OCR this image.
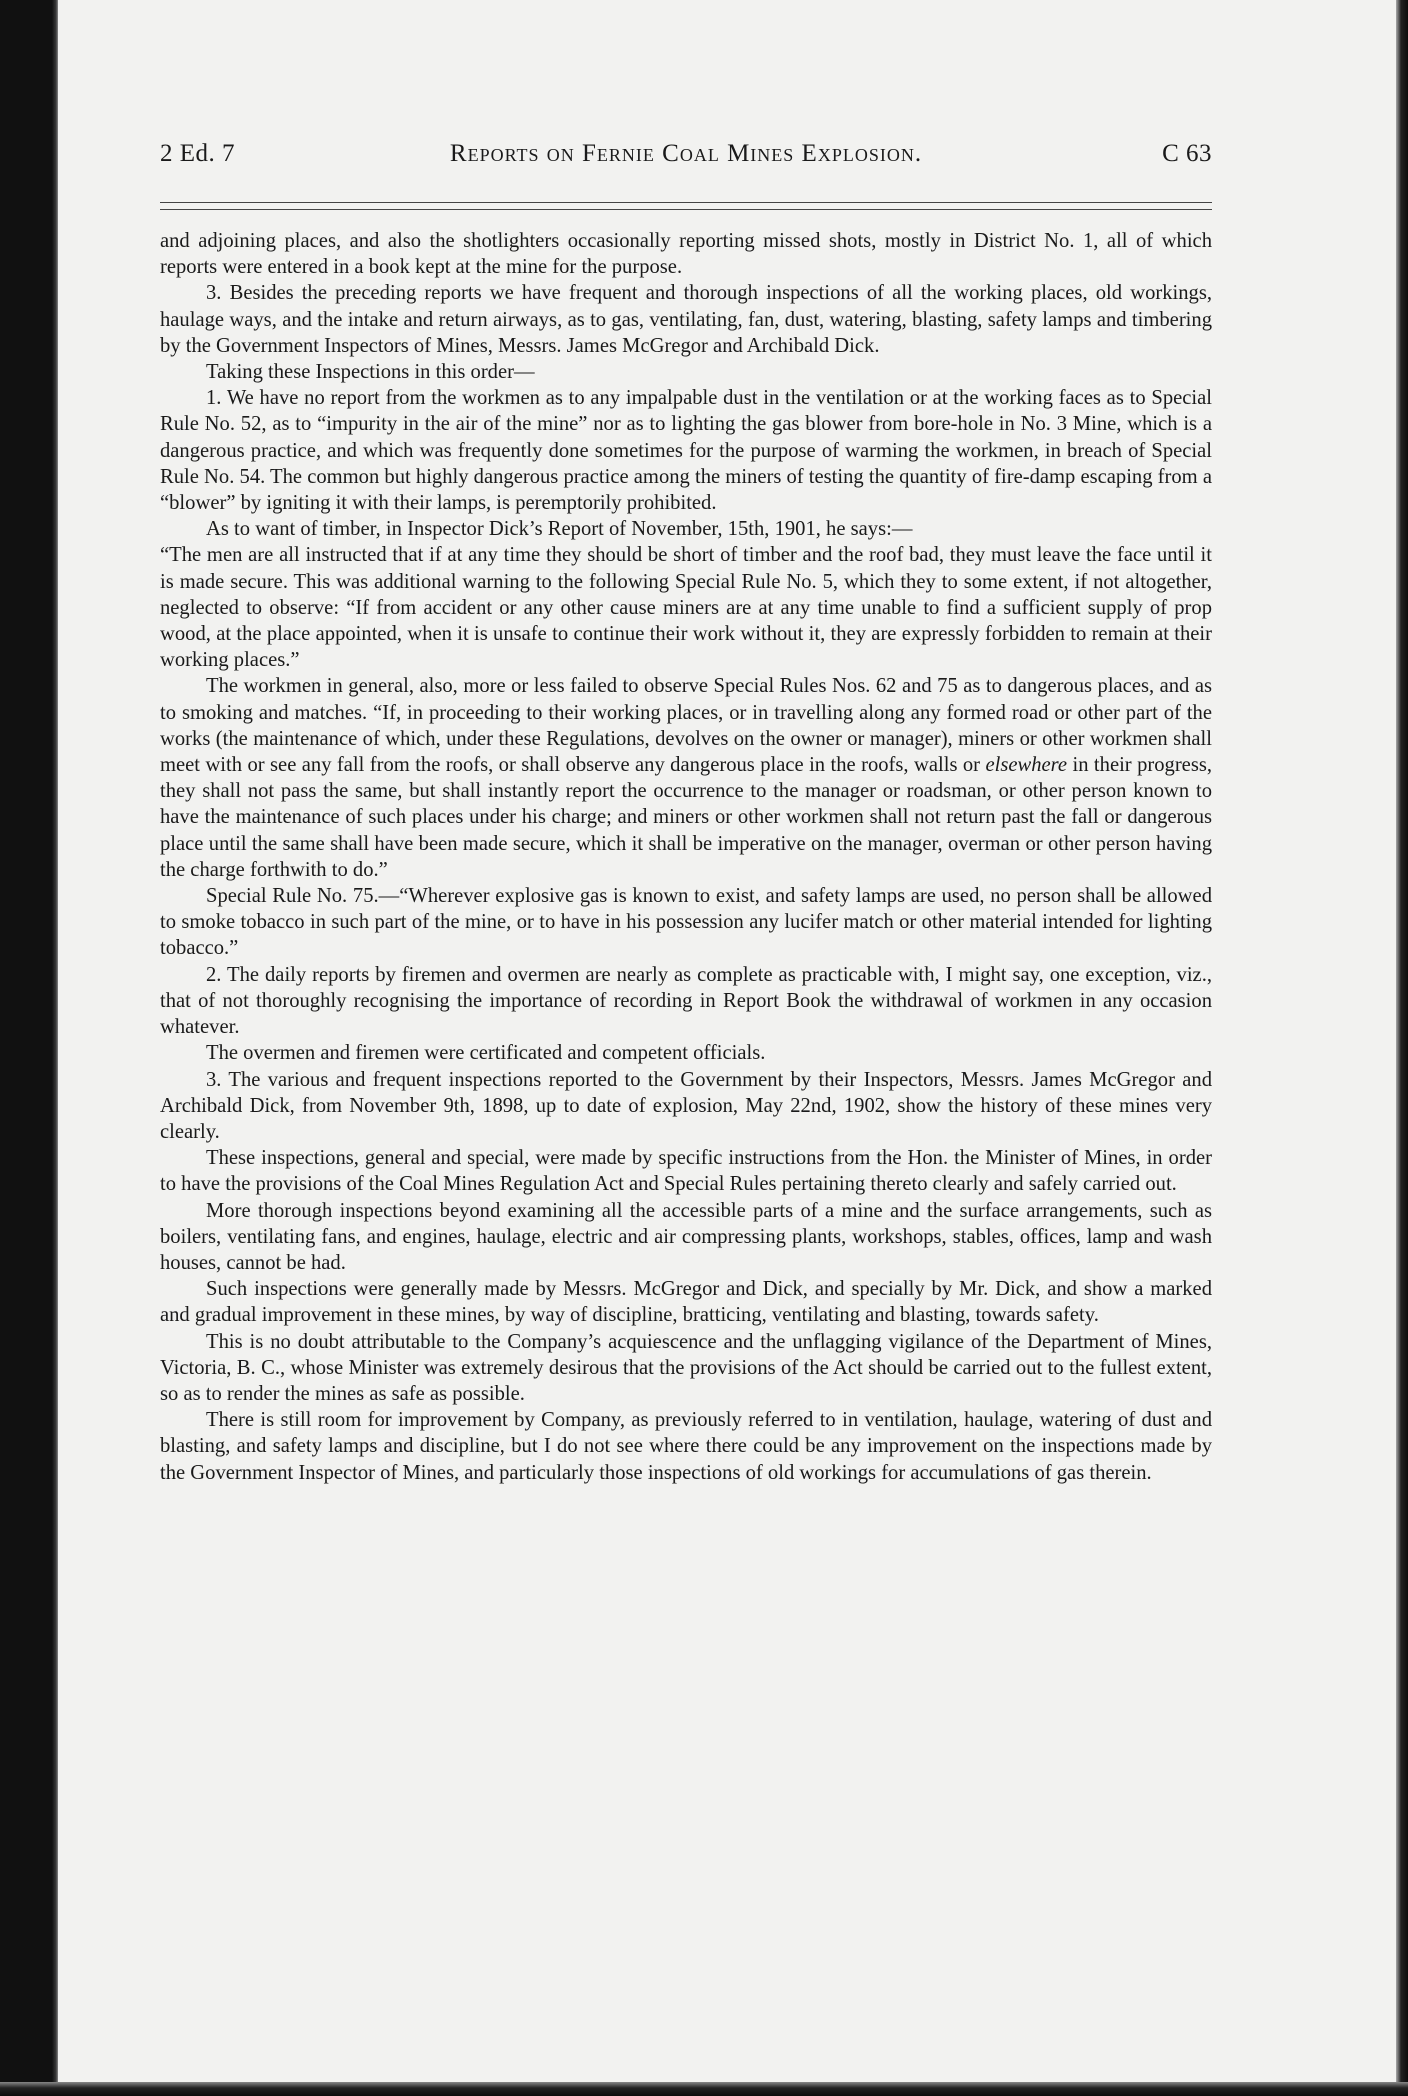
2 Ed. 7	Reports on Fernie Coal Mines Explosion.	C 63

and adjoining places, and also the shotlighters occasionally reporting missed shots, mostly in District No. 1, all of which reports were entered in a book kept at the mine for the purpose.

3. Besides the preceding reports we have frequent and thorough inspections of all the working places, old workings, haulage ways, and the intake and return airways, as to gas, ventilating, fan, dust, watering, blasting, safety lamps and timbering by the Government Inspectors of Mines, Messrs. James McGregor and Archibald Dick.

Taking these Inspections in this order—

1. We have no report from the workmen as to any impalpable dust in the ventilation or at the working faces as to Special Rule No. 52, as to “impurity in the air of the mine” nor as to lighting the gas blower from bore-hole in No. 3 Mine, which is a dangerous practice, and which was frequently done sometimes for the purpose of warming the workmen, in breach of Special Rule No. 54. The common but highly dangerous practice among the miners of testing the quantity of fire-damp escaping from a “blower” by igniting it with their lamps, is peremptorily prohibited.

As to want of timber, in Inspector Dick’s Report of November, 15th, 1901, he says:—

“The men are all instructed that if at any time they should be short of timber and the roof bad, they must leave the face until it is made secure. This was additional warning to the following Special Rule No. 5, which they to some extent, if not altogether, neglected to observe: “If from accident or any other cause miners are at any time unable to find a sufficient supply of prop wood, at the place appointed, when it is unsafe to continue their work without it, they are expressly forbidden to remain at their working places.”

The workmen in general, also, more or less failed to observe Special Rules Nos. 62 and 75 as to dangerous places, and as to smoking and matches. “If, in proceeding to their working places, or in travelling along any formed road or other part of the works (the maintenance of which, under these Regulations, devolves on the owner or manager), miners or other workmen shall meet with or see any fall from the roofs, or shall observe any dangerous place in the roofs, walls or elsewhere in their progress, they shall not pass the same, but shall instantly report the occurrence to the manager or roadsman, or other person known to have the maintenance of such places under his charge; and miners or other workmen shall not return past the fall or dangerous place until the same shall have been made secure, which it shall be imperative on the manager, overman or other person having the charge forthwith to do.”

Special Rule No. 75.—“Wherever explosive gas is known to exist, and safety lamps are used, no person shall be allowed to smoke tobacco in such part of the mine, or to have in his possession any lucifer match or other material intended for lighting tobacco.”

2. The daily reports by firemen and overmen are nearly as complete as practicable with, I might say, one exception, viz., that of not thoroughly recognising the importance of recording in Report Book the withdrawal of workmen in any occasion whatever.

The overmen and firemen were certificated and competent officials.

3. The various and frequent inspections reported to the Government by their Inspectors, Messrs. James McGregor and Archibald Dick, from November 9th, 1898, up to date of explosion, May 22nd, 1902, show the history of these mines very clearly.

These inspections, general and special, were made by specific instructions from the Hon. the Minister of Mines, in order to have the provisions of the Coal Mines Regulation Act and Special Rules pertaining thereto clearly and safely carried out.

More thorough inspections beyond examining all the accessible parts of a mine and the surface arrangements, such as boilers, ventilating fans, and engines, haulage, electric and air compressing plants, workshops, stables, offices, lamp and wash houses, cannot be had.

Such inspections were generally made by Messrs. McGregor and Dick, and specially by Mr. Dick, and show a marked and gradual improvement in these mines, by way of discipline, bratticing, ventilating and blasting, towards safety.

This is no doubt attributable to the Company’s acquiescence and the unflagging vigilance of the Department of Mines, Victoria, B. C., whose Minister was extremely desirous that the provisions of the Act should be carried out to the fullest extent, so as to render the mines as safe as possible.

There is still room for improvement by Company, as previously referred to in ventilation, haulage, watering of dust and blasting, and safety lamps and discipline, but I do not see where there could be any improvement on the inspections made by the Government Inspector of Mines, and particularly those inspections of old workings for accumulations of gas therein.
